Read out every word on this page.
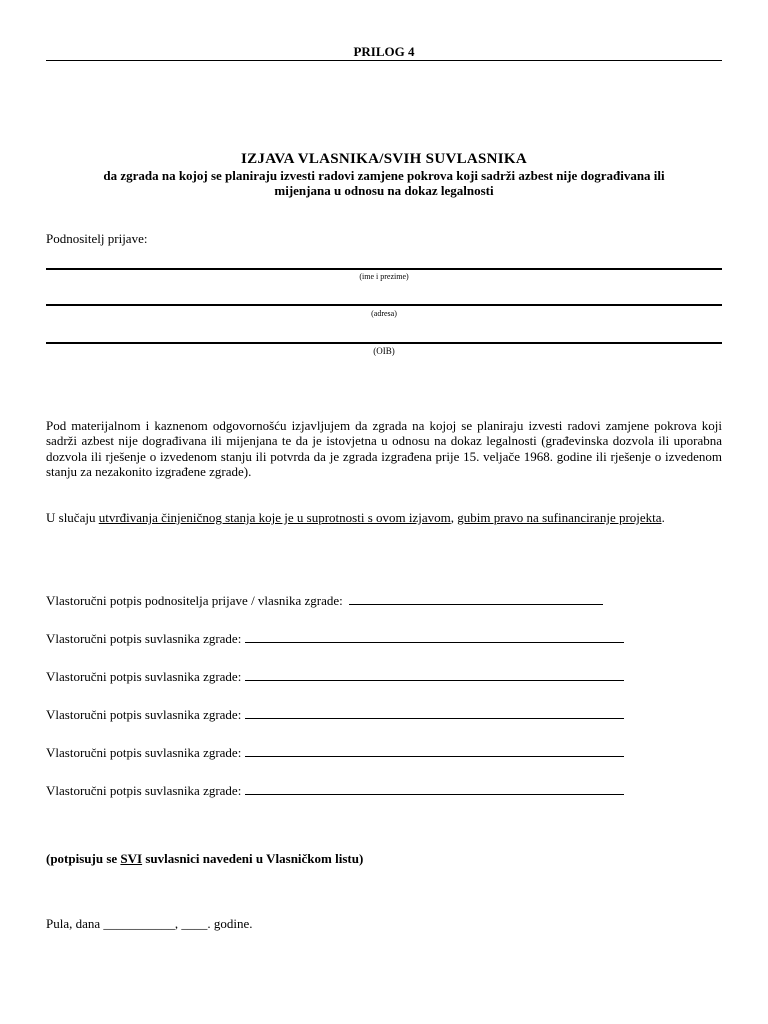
PRILOG 4
IZJAVA VLASNIKA/SVIH SUVLASNIKA
da zgrada na kojoj se planiraju izvesti radovi zamjene pokrova koji sadrži azbest nije dograđivana ili
mijenjana u odnosu na dokaz legalnosti
Podnositelj prijave:
(ime i prezime)
(adresa)
(OIB)
Pod materijalnom i kaznenom odgovornošću izjavljujem da zgrada na kojoj se planiraju izvesti radovi zamjene pokrova koji sadrži azbest nije dograđivana ili mijenjana te da je istovjetna u odnosu na dokaz legalnosti (građevinska dozvola ili uporabna dozvola ili rješenje o izvedenom stanju ili potvrda da je zgrada izgrađena prije 15. veljače 1968. godine ili rješenje o izvedenom stanju za nezakonito izgrađene zgrade).
U slučaju utvrđivanja činjeničnog stanja koje je u suprotnosti s ovom izjavom, gubim pravo na sufinanciranje projekta.
Vlastoručni potpis podnositelja prijave / vlasnika zgrade:
Vlastoručni potpis suvlasnika zgrade:
Vlastoručni potpis suvlasnika zgrade:
Vlastoručni potpis suvlasnika zgrade:
Vlastoručni potpis suvlasnika zgrade:
Vlastoručni potpis suvlasnika zgrade:
(potpisuju se SVI suvlasnici navedeni u Vlasničkom listu)
Pula, dana ___________, ____. godine.
